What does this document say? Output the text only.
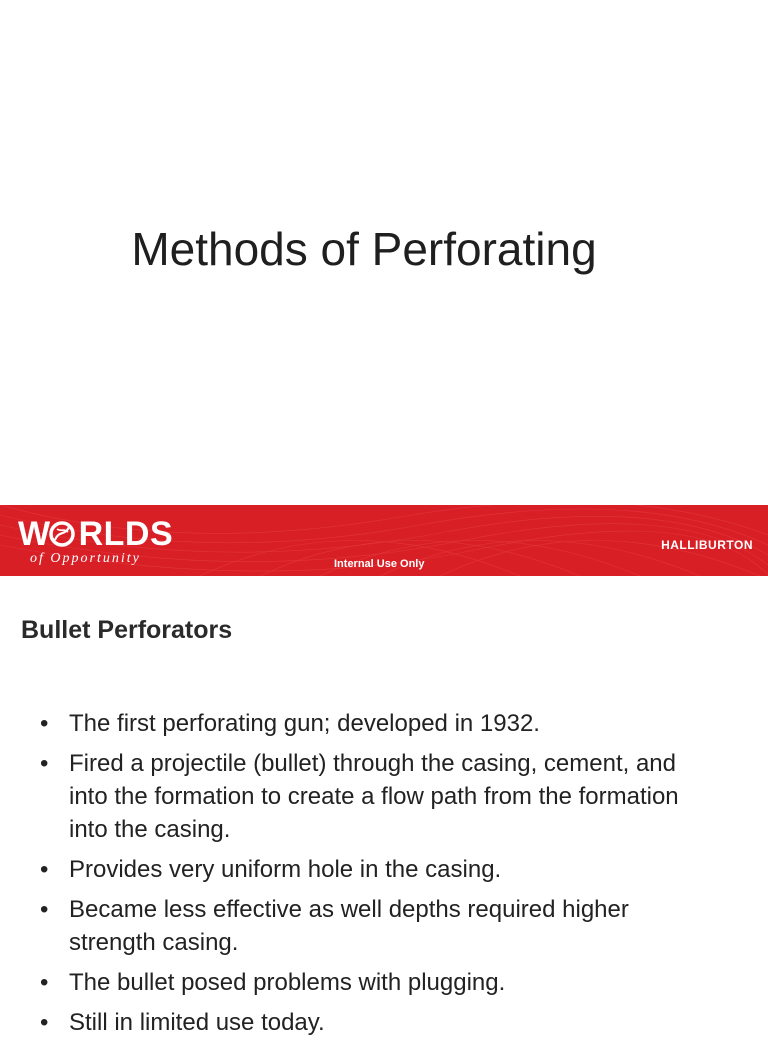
Methods of Perforating
W RLDS
of Opportunity	Internal Use Only
HALLIBURTON
Bullet Perforators
• The first perforating gun; developed in 1932.
• Fired a projectile (bullet) through the casing, cement, and into the formation to create a flow path from the formation into the casing.
• Provides very uniform hole in the casing.
• Became less effective as well depths required higher strength casing.
• The bullet posed problems with plugging.
• Still in limited use today.
